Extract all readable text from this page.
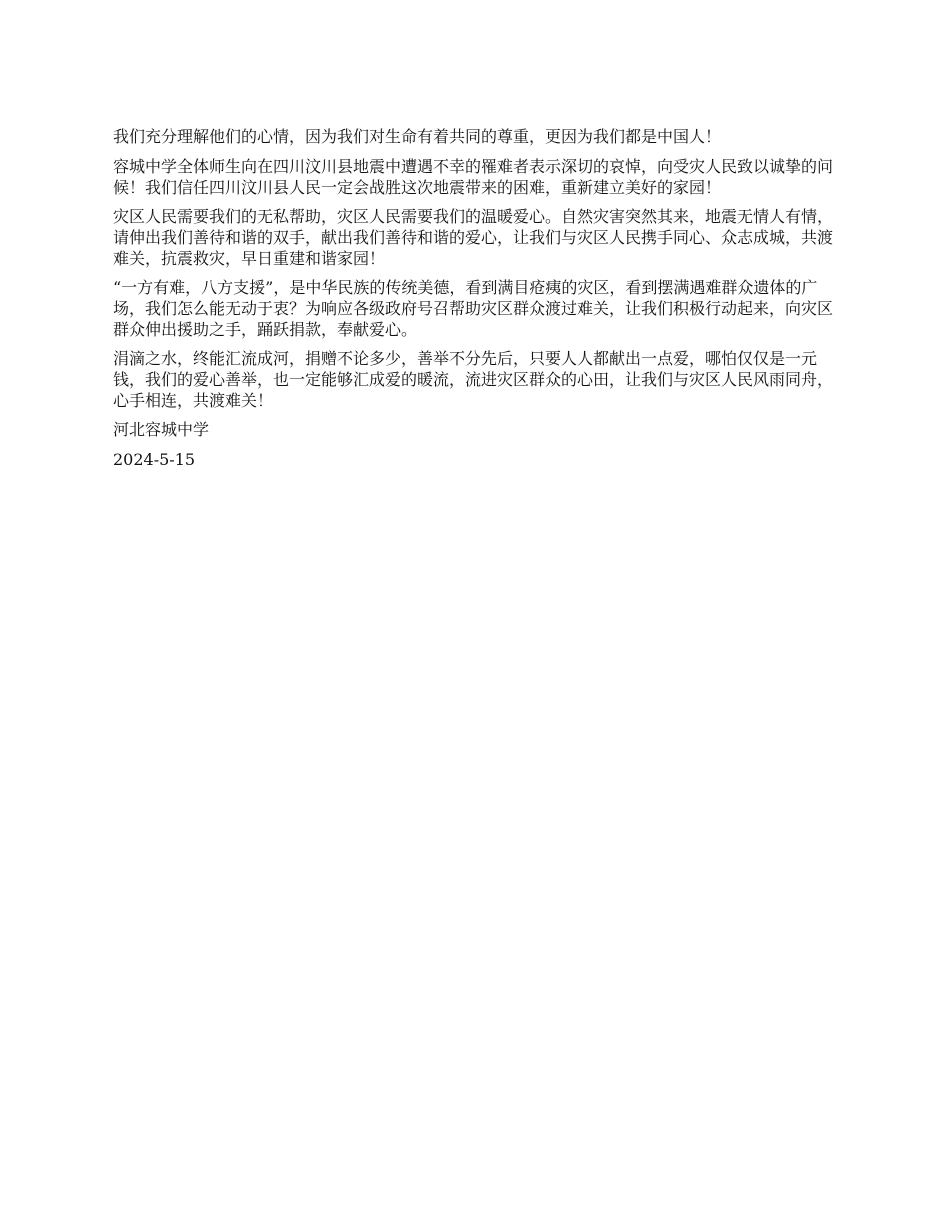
我们充分理解他们的心情，因为我们对生命有着共同的尊重，更因为我们都是中国人！

容城中学全体师生向在四川汶川县地震中遭遇不幸的罹难者表示深切的哀悼，向受灾人民致以诚挚的问候！我们信任四川汶川县人民一定会战胜这次地震带来的困难，重新建立美好的家园！

灾区人民需要我们的无私帮助，灾区人民需要我们的温暖爱心。自然灾害突然其来，地震无情人有情，请伸出我们善待和谐的双手，献出我们善待和谐的爱心，让我们与灾区人民携手同心、众志成城，共渡难关，抗震救灾，早日重建和谐家园！

“一方有难，八方支援”，是中华民族的传统美德，看到满目疮痍的灾区，看到摆满遇难群众遗体的广场，我们怎么能无动于衷？为响应各级政府号召帮助灾区群众渡过难关，让我们积极行动起来，向灾区群众伸出援助之手，踊跃捐款，奉献爱心。

涓滴之水，终能汇流成河，捐赠不论多少，善举不分先后，只要人人都献出一点爱，哪怕仅仅是一元钱，我们的爱心善举，也一定能够汇成爱的暖流，流进灾区群众的心田，让我们与灾区人民风雨同舟，心手相连，共渡难关！

河北容城中学

2024-5-15
